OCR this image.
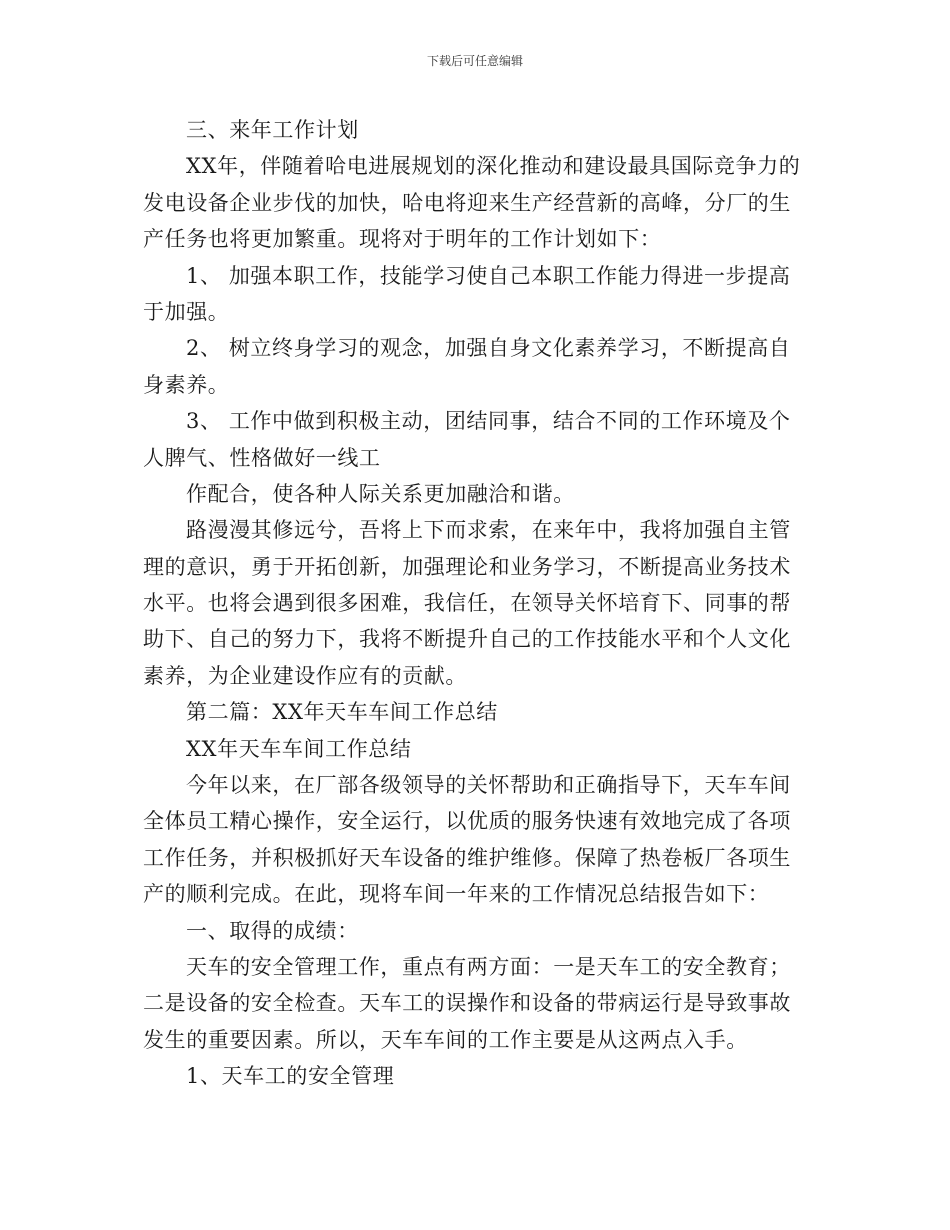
下载后可任意编辑
三、来年工作计划
XX年，伴随着哈电进展规划的深化推动和建设最具国际竞争力的
发电设备企业步伐的加快，哈电将迎来生产经营新的高峰，分厂的生
产任务也将更加繁重。现将对于明年的工作计划如下：
1、 加强本职工作，技能学习使自己本职工作能力得进一步提高
于加强。
2、 树立终身学习的观念，加强自身文化素养学习，不断提高自
身素养。
3、 工作中做到积极主动，团结同事，结合不同的工作环境及个
人脾气、性格做好一线工
作配合，使各种人际关系更加融洽和谐。
路漫漫其修远兮，吾将上下而求索，在来年中，我将加强自主管
理的意识，勇于开拓创新，加强理论和业务学习，不断提高业务技术
水平。也将会遇到很多困难，我信任，在领导关怀培育下、同事的帮
助下、自己的努力下，我将不断提升自己的工作技能水平和个人文化
素养，为企业建设作应有的贡献。
第二篇：XX年天车车间工作总结
XX年天车车间工作总结
今年以来，在厂部各级领导的关怀帮助和正确指导下，天车车间
全体员工精心操作，安全运行，以优质的服务快速有效地完成了各项
工作任务，并积极抓好天车设备的维护维修。保障了热卷板厂各项生
产的顺利完成。在此，现将车间一年来的工作情况总结报告如下：
一、取得的成绩：
天车的安全管理工作，重点有两方面：一是天车工的安全教育；
二是设备的安全检查。天车工的误操作和设备的带病运行是导致事故
发生的重要因素。所以，天车车间的工作主要是从这两点入手。
1、天车工的安全管理
